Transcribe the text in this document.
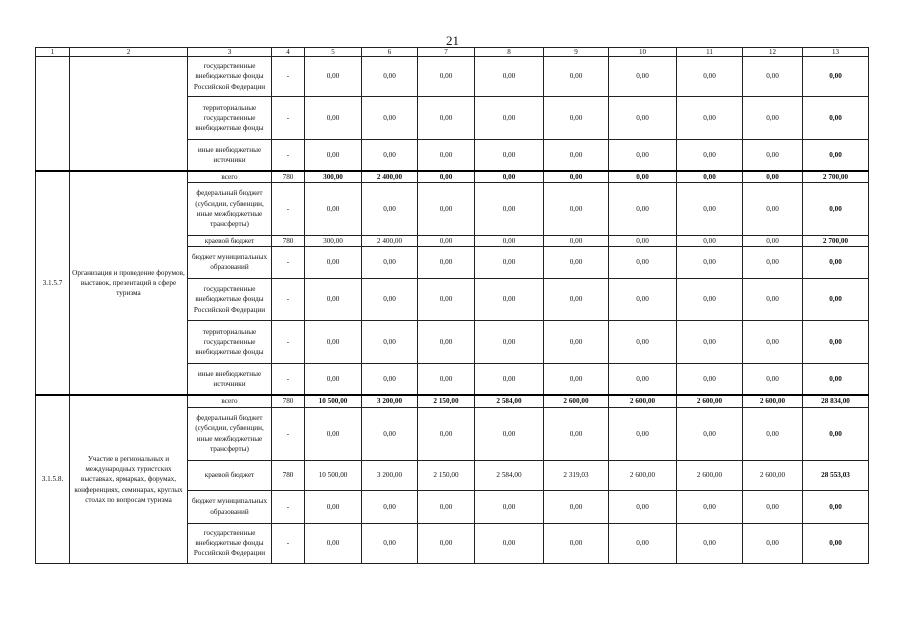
21
1	2	3	4	5	6	7	8	9	10	11	12	13
		государственные внебюджетные фонды Российской Федерации	-	0,00	0,00	0,00	0,00	0,00	0,00	0,00	0,00	0,00
		территориальные государственные внебюджетные фонды	-	0,00	0,00	0,00	0,00	0,00	0,00	0,00	0,00	0,00
		иные внебюджетные источники	-	0,00	0,00	0,00	0,00	0,00	0,00	0,00	0,00	0,00
3.1.5.7	Организация и проведение форумов, выставок, презентаций в сфере туризма	всего	780	300,00	2 400,00	0,00	0,00	0,00	0,00	0,00	0,00	2 700,00
		федеральный бюджет (субсидии, субвенции, иные межбюджетные трансферты)	-	0,00	0,00	0,00	0,00	0,00	0,00	0,00	0,00	0,00
		краевой бюджет	780	300,00	2 400,00	0,00	0,00	0,00	0,00	0,00	0,00	2 700,00
		бюджет муниципальных образований	-	0,00	0,00	0,00	0,00	0,00	0,00	0,00	0,00	0,00
		государственные внебюджетные фонды Российской Федерации	-	0,00	0,00	0,00	0,00	0,00	0,00	0,00	0,00	0,00
		территориальные государственные внебюджетные фонды	-	0,00	0,00	0,00	0,00	0,00	0,00	0,00	0,00	0,00
		иные внебюджетные источники	-	0,00	0,00	0,00	0,00	0,00	0,00	0,00	0,00	0,00
3.1.5.8.	Участие в региональных и международных туристских выставках, ярмарках, форумах, конференциях, семинарах, круглых столах по вопросам туризма	всего	780	10 500,00	3 200,00	2 150,00	2 584,00	2 600,00	2 600,00	2 600,00	2 600,00	28 834,00
		федеральный бюджет (субсидии, субвенции, иные межбюджетные трансферты)	-	0,00	0,00	0,00	0,00	0,00	0,00	0,00	0,00	0,00
		краевой бюджет	780	10 500,00	3 200,00	2 150,00	2 584,00	2 319,03	2 600,00	2 600,00	2 600,00	28 553,03
		бюджет муниципальных образований	-	0,00	0,00	0,00	0,00	0,00	0,00	0,00	0,00	0,00
		государственные внебюджетные фонды Российской Федерации	-	0,00	0,00	0,00	0,00	0,00	0,00	0,00	0,00	0,00
